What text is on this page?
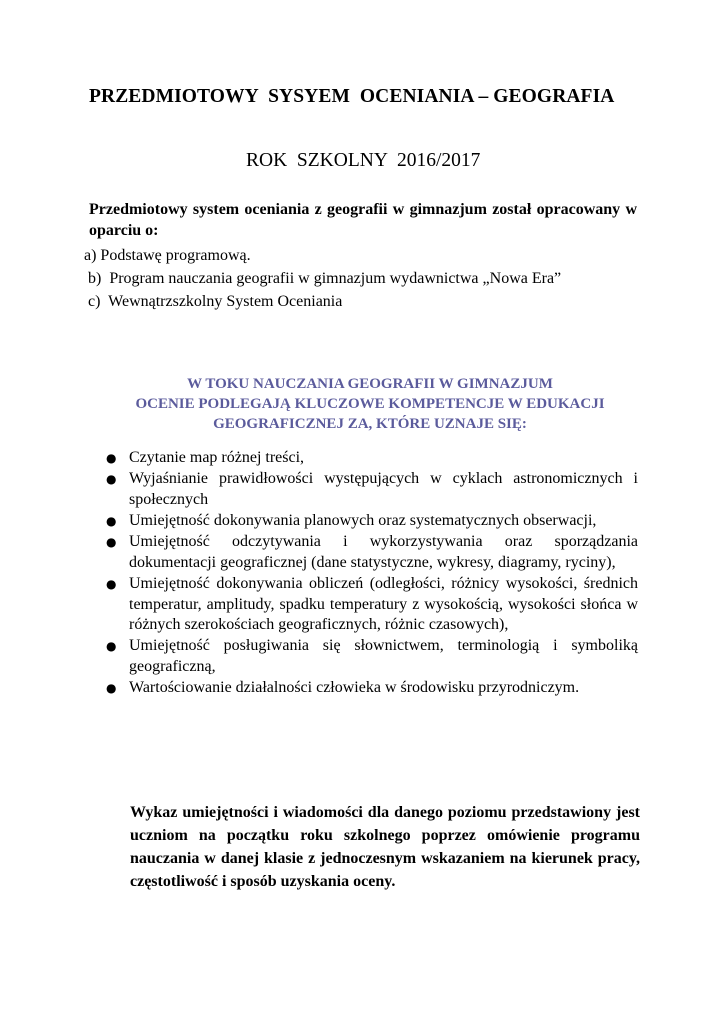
PRZEDMIOTOWY  SYSYEM  OCENIANIA – GEOGRAFIA
ROK  SZKOLNY  2016/2017
Przedmiotowy system oceniania z geografii w gimnazjum został opracowany w oparciu o:
a) Podstawę programową.
b)  Program nauczania geografii w gimnazjum wydawnictwa „Nowa Era”
c)  Wewnątrzszkolny System Oceniania
W TOKU NAUCZANIA GEOGRAFII W GIMNAZJUM
OCENIE PODLEGAJĄ KLUCZOWE KOMPETENCJE W EDUKACJI
GEOGRAFICZNEJ ZA, KTÓRE UZNAJE SIĘ:
● Czytanie map różnej treści,
● Wyjaśnianie prawidłowości występujących w cyklach astronomicznych i społecznych
● Umiejętność dokonywania planowych oraz systematycznych obserwacji,
● Umiejętność odczytywania i wykorzystywania oraz sporządzania dokumentacji geograficznej (dane statystyczne, wykresy, diagramy, ryciny),
● Umiejętność dokonywania obliczeń (odległości, różnicy wysokości, średnich temperatur, amplitudy, spadku temperatury z wysokością, wysokości słońca w różnych szerokościach geograficznych, różnic czasowych),
● Umiejętność posługiwania się słownictwem, terminologią i symboliką geograficzną,
● Wartościowanie działalności człowieka w środowisku przyrodniczym.
Wykaz umiejętności i wiadomości dla danego poziomu przedstawiony jest uczniom na początku roku szkolnego poprzez omówienie programu nauczania w danej klasie z jednoczesnym wskazaniem na kierunek pracy, częstotliwość i sposób uzyskania oceny.
